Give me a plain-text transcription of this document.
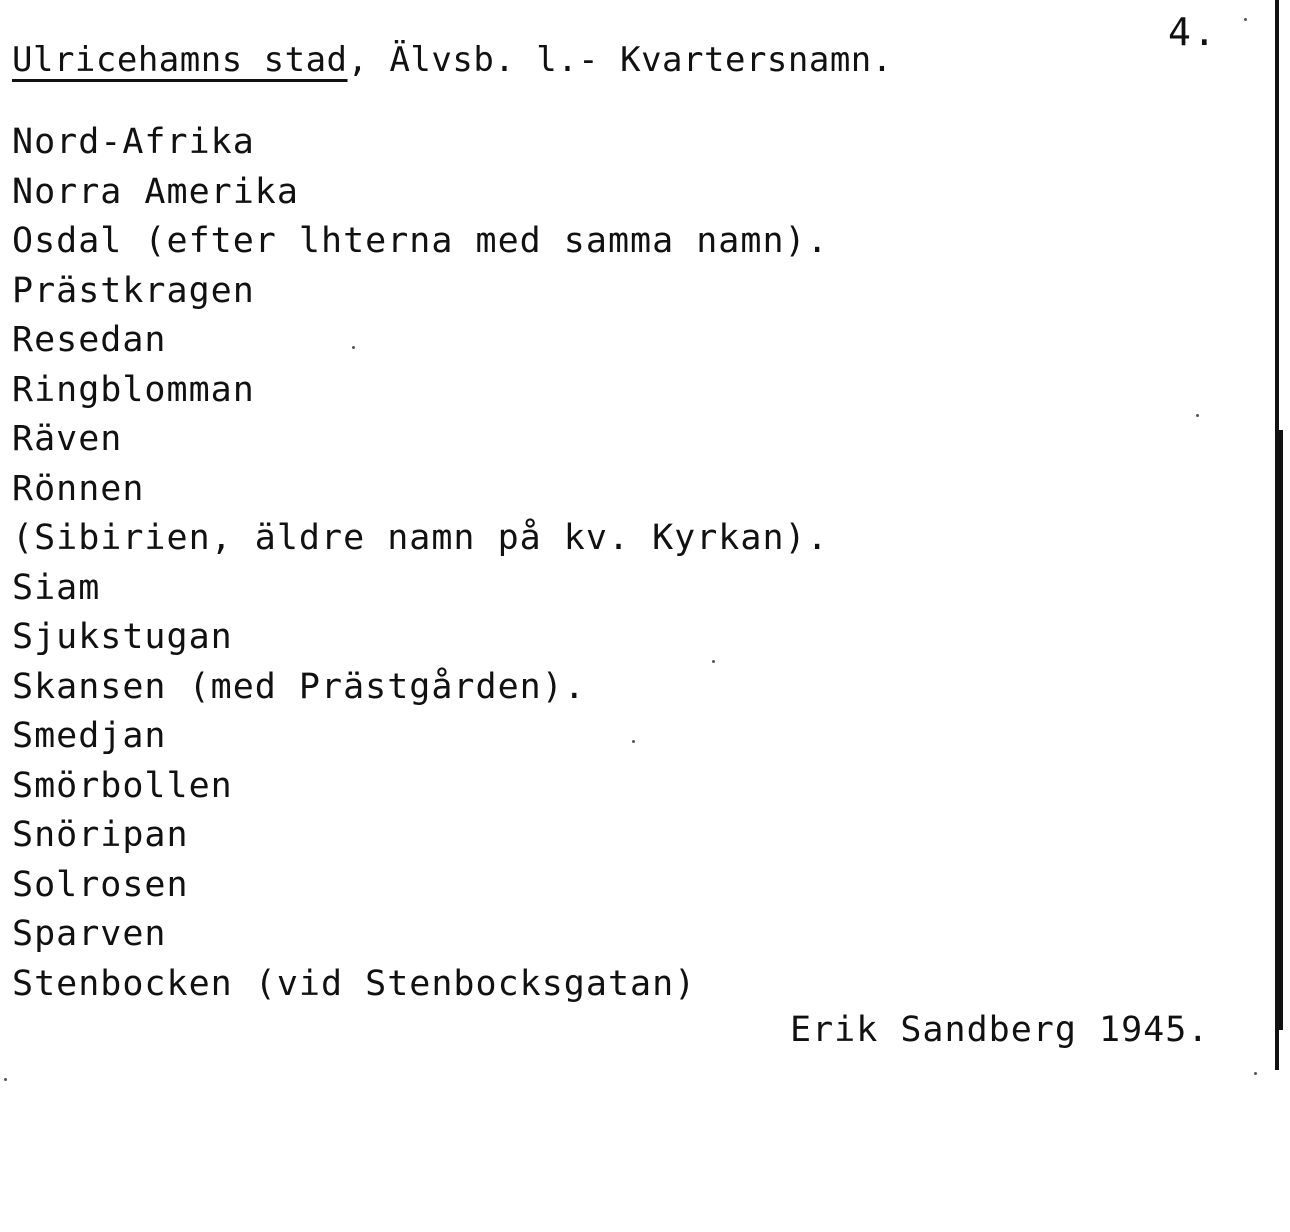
4.
Ulricehamns stad, Älvsb. l.- Kvartersnamn.
Nord-Afrika
Norra Amerika
Osdal (efter lhterna med samma namn).
Prästkragen
Resedan
Ringblomman
Räven
Rönnen
(Sibirien, äldre namn på kv. Kyrkan).
Siam
Sjukstugan
Skansen (med Prästgården).
Smedjan
Smörbollen
Snöripan
Solrosen
Sparven
Stenbocken (vid Stenbocksgatan)
Erik Sandberg 1945.
